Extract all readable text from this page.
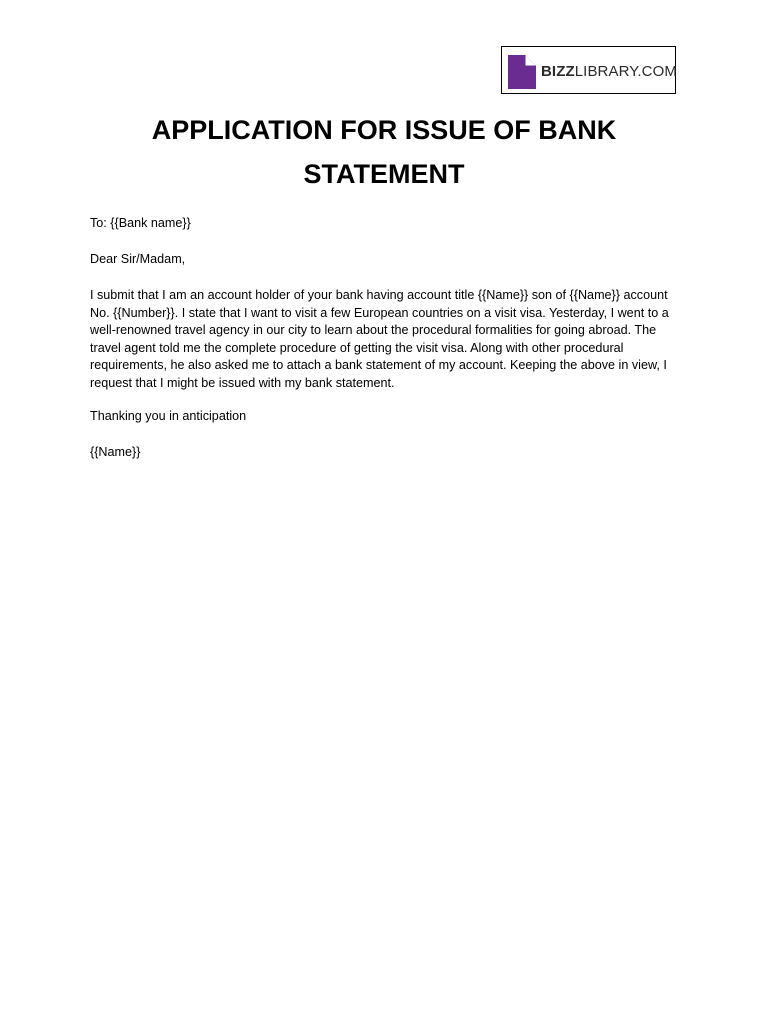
BIZZLIBRARY.COM
APPLICATION FOR ISSUE OF BANK STATEMENT

To: {{Bank name}}

Dear Sir/Madam,

I submit that I am an account holder of your bank having account title {{Name}} son of {{Name}} account No. {{Number}}. I state that I want to visit a few European countries on a visit visa. Yesterday, I went to a well-renowned travel agency in our city to learn about the procedural formalities for going abroad. The travel agent told me the complete procedure of getting the visit visa. Along with other procedural requirements, he also asked me to attach a bank statement of my account. Keeping the above in view, I request that I might be issued with my bank statement.

Thanking you in anticipation

{{Name}}
